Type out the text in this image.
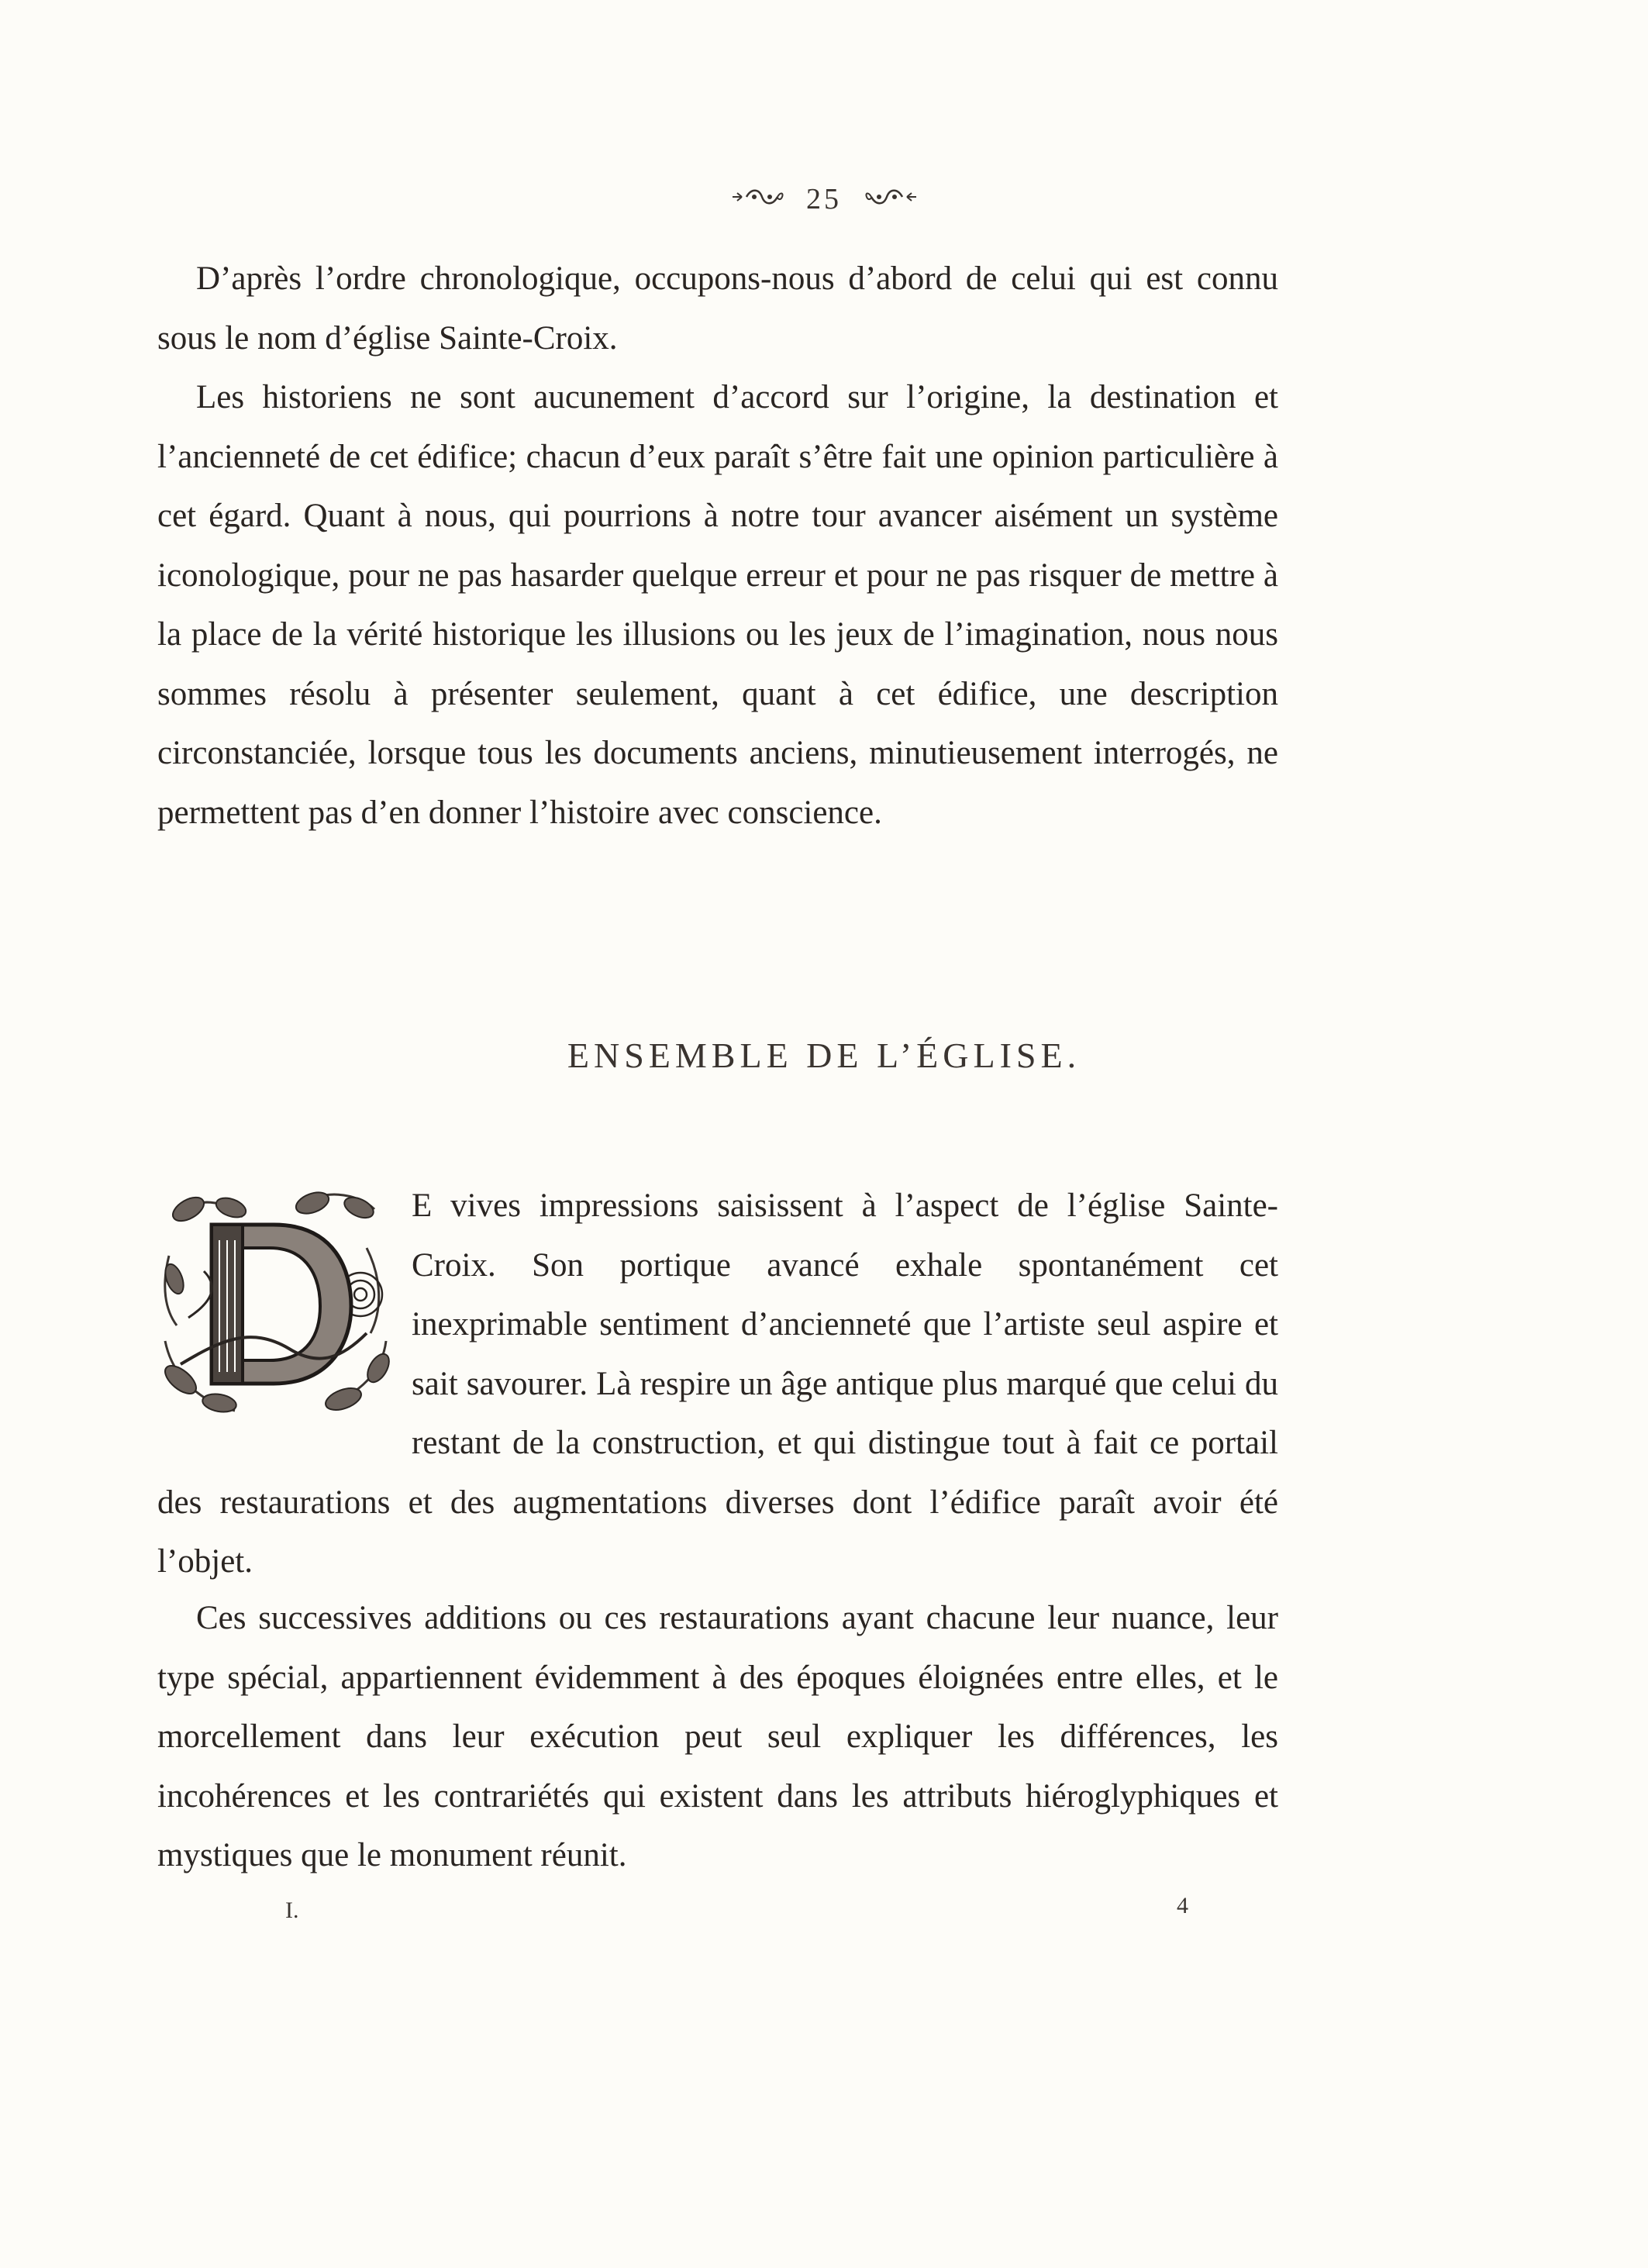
25

D’après l’ordre chronologique, occupons-nous d’abord de celui qui est connu sous le nom d’église Sainte-Croix.

Les historiens ne sont aucunement d’accord sur l’origine, la destination et l’ancienneté de cet édifice; chacun d’eux paraît s’être fait une opinion particulière à cet égard. Quant à nous, qui pourrions à notre tour avancer aisément un système iconologique, pour ne pas hasarder quelque erreur et pour ne pas risquer de mettre à la place de la vérité historique les illusions ou les jeux de l’imagination, nous nous sommes résolu à présenter seulement, quant à cet édifice, une description circonstanciée, lorsque tous les documents anciens, minutieusement interrogés, ne permettent pas d’en donner l’histoire avec conscience.

ENSEMBLE DE L’ÉGLISE.

E vives impressions saisissent à l’aspect de l’église Sainte-Croix. Son portique avancé exhale spontanément cet inexprimable sentiment d’ancienneté que l’artiste seul aspire et sait savourer. Là respire un âge antique plus marqué que celui du restant de la construction, et qui distingue tout à fait ce portail des restaurations et des augmentations diverses dont l’édifice paraît avoir été l’objet.

Ces successives additions ou ces restaurations ayant chacune leur nuance, leur type spécial, appartiennent évidemment à des époques éloignées entre elles, et le morcellement dans leur exécution peut seul expliquer les différences, les incohérences et les contrariétés qui existent dans les attributs hiéroglyphiques et mystiques que le monument réunit.

I.	4
